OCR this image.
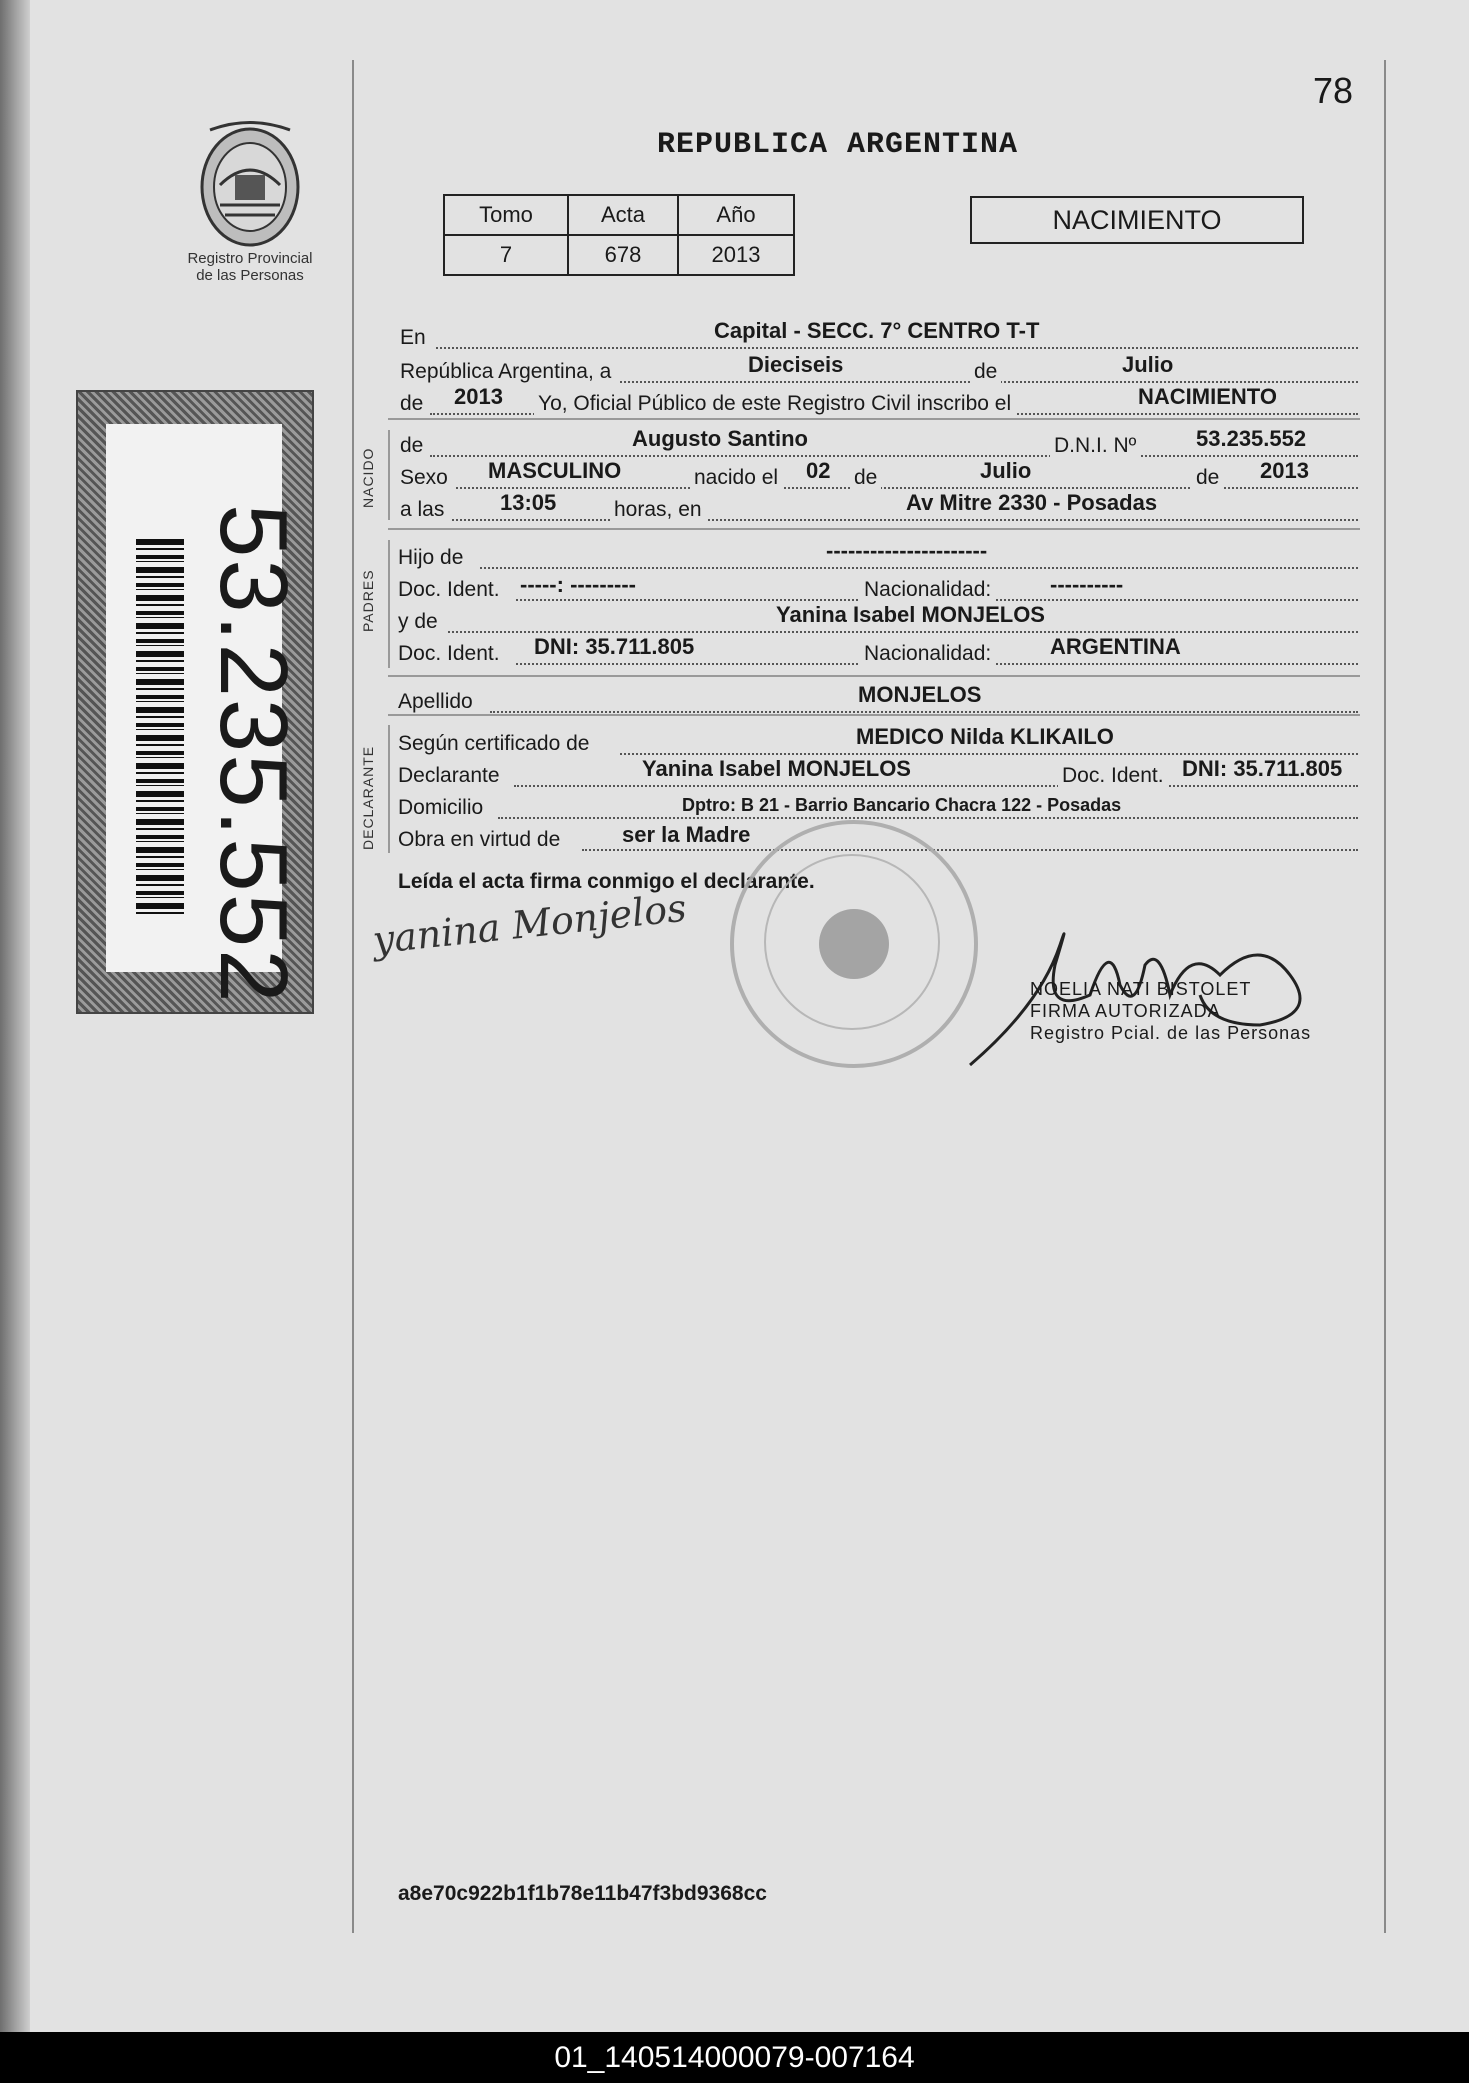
78
REPUBLICA ARGENTINA
Registro Provincial
de las Personas
Tomo	Acta	Año
7	678	2013
NACIMIENTO
53.235.552
NACIDO
PADRES
DECLARANTE
En	Capital - SECC. 7° CENTRO T-T
República Argentina, a	Dieciseis	de	Julio
de 2013 Yo, Oficial Público de este Registro Civil inscribo el	NACIMIENTO
de	Augusto Santino	D.N.I. Nº	53.235.552
Sexo MASCULINO	nacido el 02 de	Julio	de 2013
a las	13:05	horas, en	Av Mitre 2330 - Posadas
Hijo de	----------------------
Doc. Ident. -----: ---------	Nacionalidad:	----------
y de	Yanina Isabel MONJELOS
Doc. Ident. DNI: 35.711.805	Nacionalidad:	ARGENTINA
Apellido	MONJELOS
Según certificado de	MEDICO Nilda KLIKAILO
Declarante	Yanina Isabel MONJELOS	Doc. Ident. DNI: 35.711.805
Domicilio	Dptro: B 21 - Barrio Bancario Chacra 122 - Posadas
Obra en virtud de	ser la Madre
Leída el acta firma conmigo el declarante.
yanina Monjelos
NOELIA NATI BISTOLET
FIRMA AUTORIZADA
Registro Pcial. de las Personas
a8e70c922b1f1b78e11b47f3bd9368cc
01_140514000079-007164
